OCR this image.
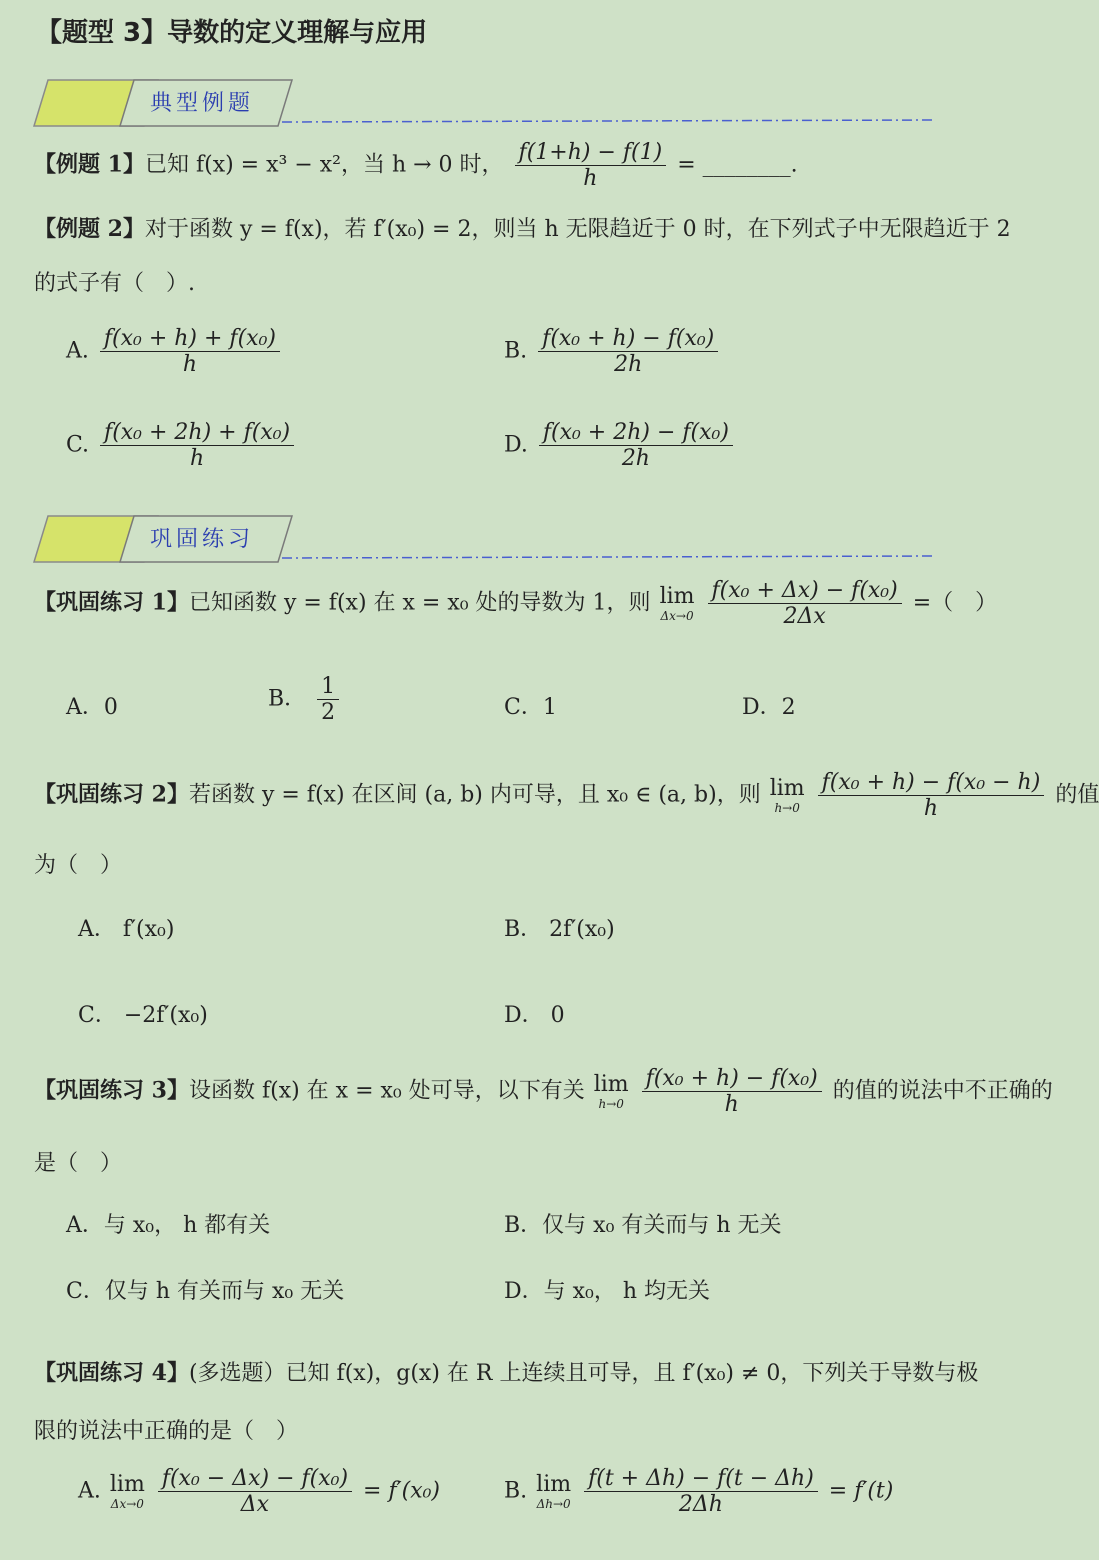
【题型 3】导数的定义理解与应用
典型例题
【例题 1】已知 f(x) = x³ − x²，当 h → 0 时， $\frac{f(1+h) - f(1)}{h}$ = ________.
【例题 2】对于函数 y = f(x)，若 f′(x₀) = 2，则当 h 无限趋近于 0 时，在下列式子中无限趋近于 2
的式子有（　）.
A. $\frac{\text{f(x₀ + h) + f(x₀)}}{h}$	B. $\frac{\text{f(x₀ + h) − f(x₀)}}{2h}$
C. $\frac{\text{f(x₀ + 2h) + f(x₀)}}{h}$	D. $\frac{\text{f(x₀ + 2h) − f(x₀)}}{2h}$
巩固练习
【巩固练习 1】已知函数 y = f(x) 在 x = x₀ 处的导数为 1，则 lim
Δx→0
$\frac{\text{f(x₀ + Δx) − f(x₀)}}{2\Delta x}$ =（　）
A．0	B． $\frac{1}{2}$	C．1	D．2
【巩固练习 2】若函数 y = f(x) 在区间 (a, b) 内可导，且 x₀ ∈ (a, b)，则 lim
h→0
$\frac{\text{f(x₀ + h) − f(x₀ − h)}}{h}$ 的值
为（　）
A． f′(x₀)	B． 2f′(x₀)
C． −2f′(x₀)	D． 0
【巩固练习 3】设函数 f(x) 在 x = x₀ 处可导，以下有关 lim
h→0
$\frac{\text{f(x₀ + h) − f(x₀)}}{h}$ 的值的说法中不正确的
是（　）
A．与 x₀， h 都有关	B．仅与 x₀ 有关而与 h 无关
C．仅与 h 有关而与 x₀ 无关	D．与 x₀， h 均无关
【巩固练习 4】(多选题）已知 f(x)，g(x) 在 R 上连续且可导，且 f′(x₀) ≠ 0，下列关于导数与极
限的说法中正确的是（　）
A. lim
Δx→0
$\frac{\text{f(x₀ − Δx) − f(x₀)}}{\Delta x} = f'(x_0)$	B. lim
Δh→0
$\frac{f(t + \Delta h) - f(t - \Delta h)}{2\Delta h} = f'(t)$
